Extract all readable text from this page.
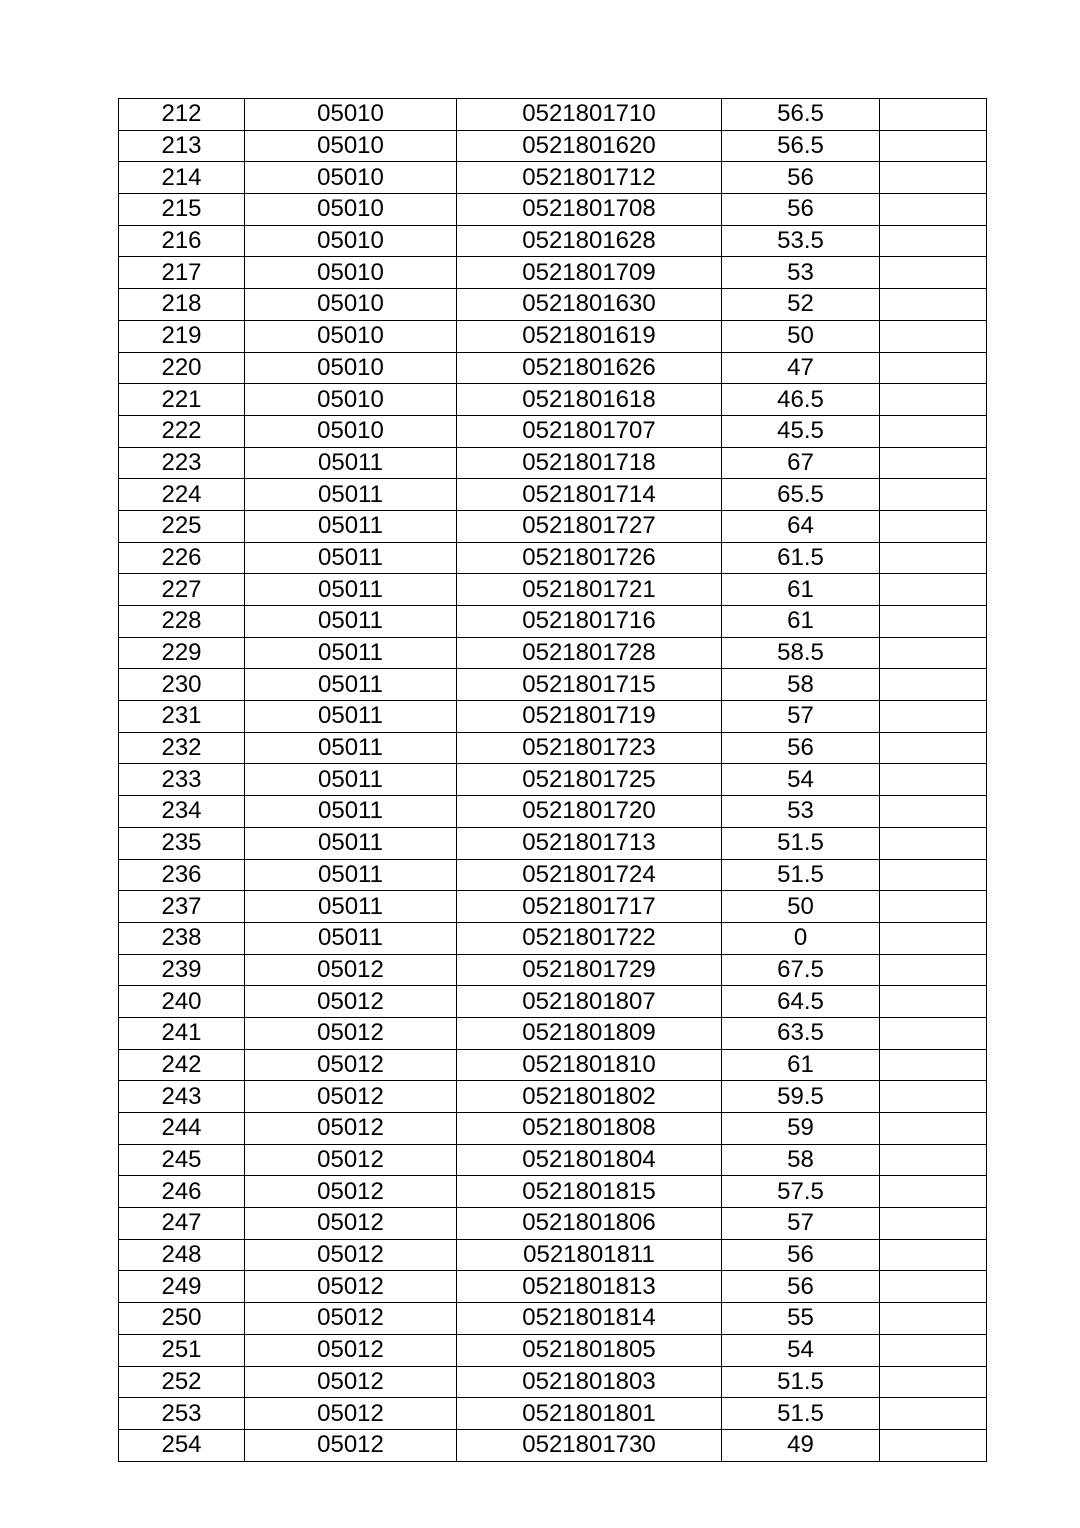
212	05010	0521801710	56.5	
213	05010	0521801620	56.5	
214	05010	0521801712	56	
215	05010	0521801708	56	
216	05010	0521801628	53.5	
217	05010	0521801709	53	
218	05010	0521801630	52	
219	05010	0521801619	50	
220	05010	0521801626	47	
221	05010	0521801618	46.5	
222	05010	0521801707	45.5	
223	05011	0521801718	67	
224	05011	0521801714	65.5	
225	05011	0521801727	64	
226	05011	0521801726	61.5	
227	05011	0521801721	61	
228	05011	0521801716	61	
229	05011	0521801728	58.5	
230	05011	0521801715	58	
231	05011	0521801719	57	
232	05011	0521801723	56	
233	05011	0521801725	54	
234	05011	0521801720	53	
235	05011	0521801713	51.5	
236	05011	0521801724	51.5	
237	05011	0521801717	50	
238	05011	0521801722	0	
239	05012	0521801729	67.5	
240	05012	0521801807	64.5	
241	05012	0521801809	63.5	
242	05012	0521801810	61	
243	05012	0521801802	59.5	
244	05012	0521801808	59	
245	05012	0521801804	58	
246	05012	0521801815	57.5	
247	05012	0521801806	57	
248	05012	0521801811	56	
249	05012	0521801813	56	
250	05012	0521801814	55	
251	05012	0521801805	54	
252	05012	0521801803	51.5	
253	05012	0521801801	51.5	
254	05012	0521801730	49	
